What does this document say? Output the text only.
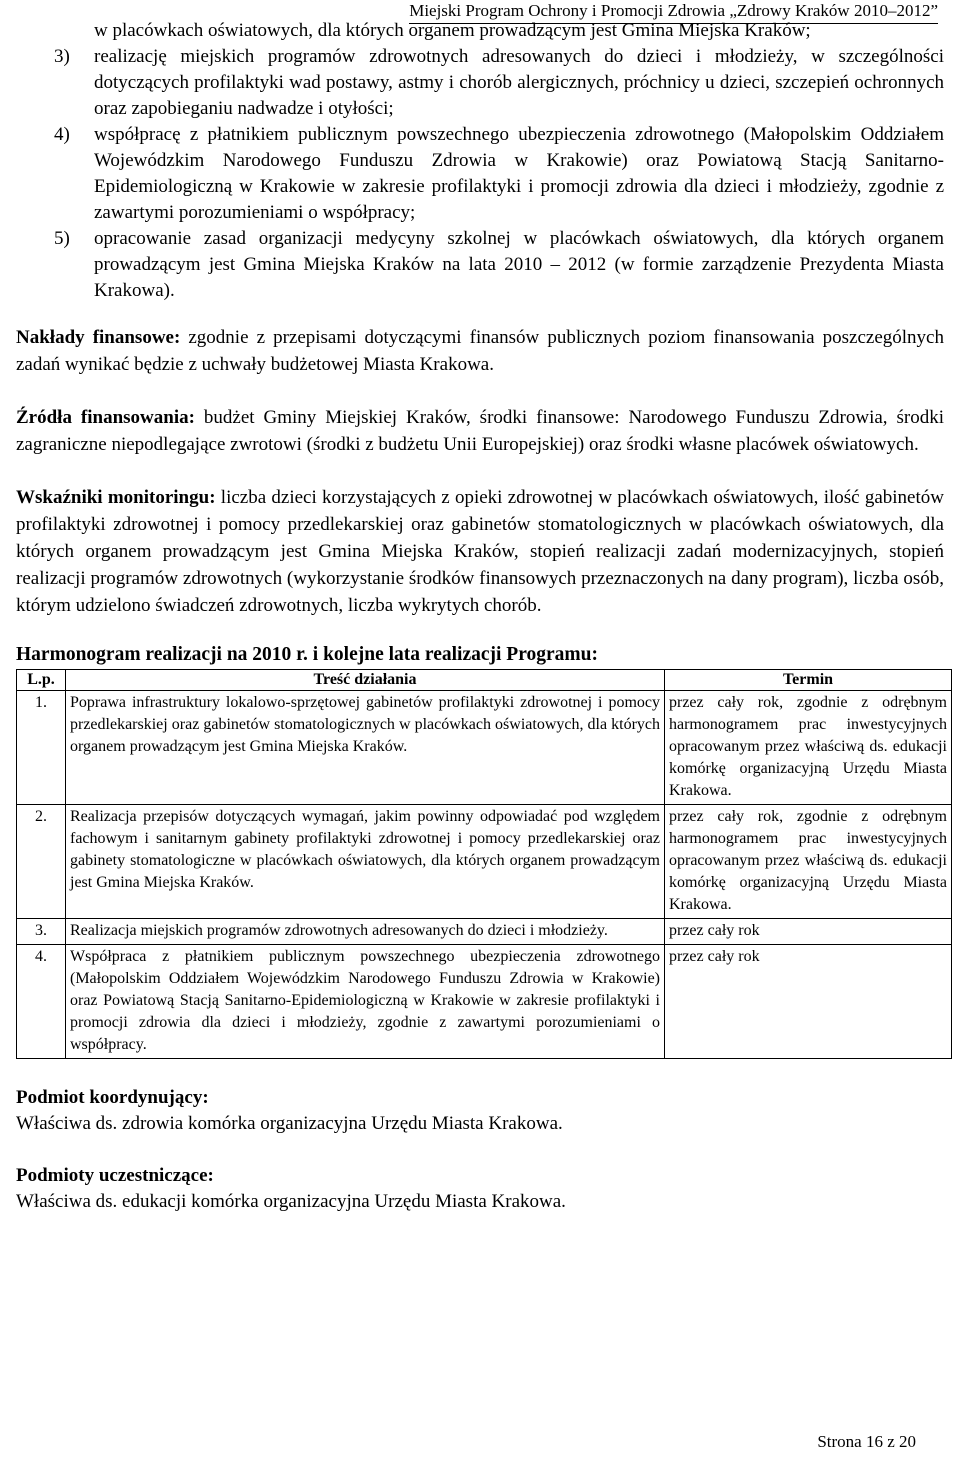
Miejski Program Ochrony i Promocji Zdrowia „Zdrowy Kraków 2010–2012”

w placówkach oświatowych, dla których organem prowadzącym jest Gmina Miejska Kraków;

3) realizację miejskich programów zdrowotnych adresowanych do dzieci i młodzieży, w szczególności dotyczących profilaktyki wad postawy, astmy i chorób alergicznych, próchnicy u dzieci, szczepień ochronnych oraz zapobieganiu nadwadze i otyłości;
4) współpracę z płatnikiem publicznym powszechnego ubezpieczenia zdrowotnego (Małopolskim Oddziałem Wojewódzkim Narodowego Funduszu Zdrowia w Krakowie) oraz Powiatową Stacją Sanitarno-Epidemiologiczną w Krakowie w zakresie profilaktyki i promocji zdrowia dla dzieci i młodzieży, zgodnie z zawartymi porozumieniami o współpracy;
5) opracowanie zasad organizacji medycyny szkolnej w placówkach oświatowych, dla których organem prowadzącym jest Gmina Miejska Kraków na lata 2010 – 2012 (w formie zarządzenie Prezydenta Miasta Krakowa).

Nakłady finansowe: zgodnie z przepisami dotyczącymi finansów publicznych poziom finansowania poszczególnych zadań wynikać będzie z uchwały budżetowej Miasta Krakowa.

Źródła finansowania: budżet Gminy Miejskiej Kraków, środki finansowe: Narodowego Funduszu Zdrowia, środki zagraniczne niepodlegające zwrotowi (środki z budżetu Unii Europejskiej) oraz środki własne placówek oświatowych.

Wskaźniki monitoringu: liczba dzieci korzystających z opieki zdrowotnej w placówkach oświatowych, ilość gabinetów profilaktyki zdrowotnej i pomocy przedlekarskiej oraz gabinetów stomatologicznych w placówkach oświatowych, dla których organem prowadzącym jest Gmina Miejska Kraków, stopień realizacji zadań modernizacyjnych, stopień realizacji programów zdrowotnych (wykorzystanie środków finansowych przeznaczonych na dany program), liczba osób, którym udzielono świadczeń zdrowotnych, liczba wykrytych chorób.

Harmonogram realizacji na 2010 r. i kolejne lata realizacji Programu:

L.p.	Treść działania	Termin
1.	Poprawa infrastruktury lokalowo-sprzętowej gabinetów profilaktyki zdrowotnej i pomocy przedlekarskiej oraz gabinetów stomatologicznych w placówkach oświatowych, dla których organem prowadzącym jest Gmina Miejska Kraków.	przez cały rok, zgodnie z odrębnym harmonogramem prac inwestycyjnych opracowanym przez właściwą ds. edukacji komórkę organizacyjną Urzędu Miasta Krakowa.
2.	Realizacja przepisów dotyczących wymagań, jakim powinny odpowiadać pod względem fachowym i sanitarnym gabinety profilaktyki zdrowotnej i pomocy przedlekarskiej oraz gabinety stomatologiczne w placówkach oświatowych, dla których organem prowadzącym jest Gmina Miejska Kraków.	przez cały rok, zgodnie z odrębnym harmonogramem prac inwestycyjnych opracowanym przez właściwą ds. edukacji komórkę organizacyjną Urzędu Miasta Krakowa.
3.	Realizacja miejskich programów zdrowotnych adresowanych do dzieci i młodzieży.	przez cały rok
4.	Współpraca z płatnikiem publicznym powszechnego ubezpieczenia zdrowotnego (Małopolskim Oddziałem Wojewódzkim Narodowego Funduszu Zdrowia w Krakowie) oraz Powiatową Stacją Sanitarno-Epidemiologiczną w Krakowie w zakresie profilaktyki i promocji zdrowia dla dzieci i młodzieży, zgodnie z zawartymi porozumieniami o współpracy.	przez cały rok

Podmiot koordynujący:

Właściwa ds. zdrowia komórka organizacyjna Urzędu Miasta Krakowa.

Podmioty uczestniczące:

Właściwa ds. edukacji komórka organizacyjna Urzędu Miasta Krakowa.

Strona 16 z 20
